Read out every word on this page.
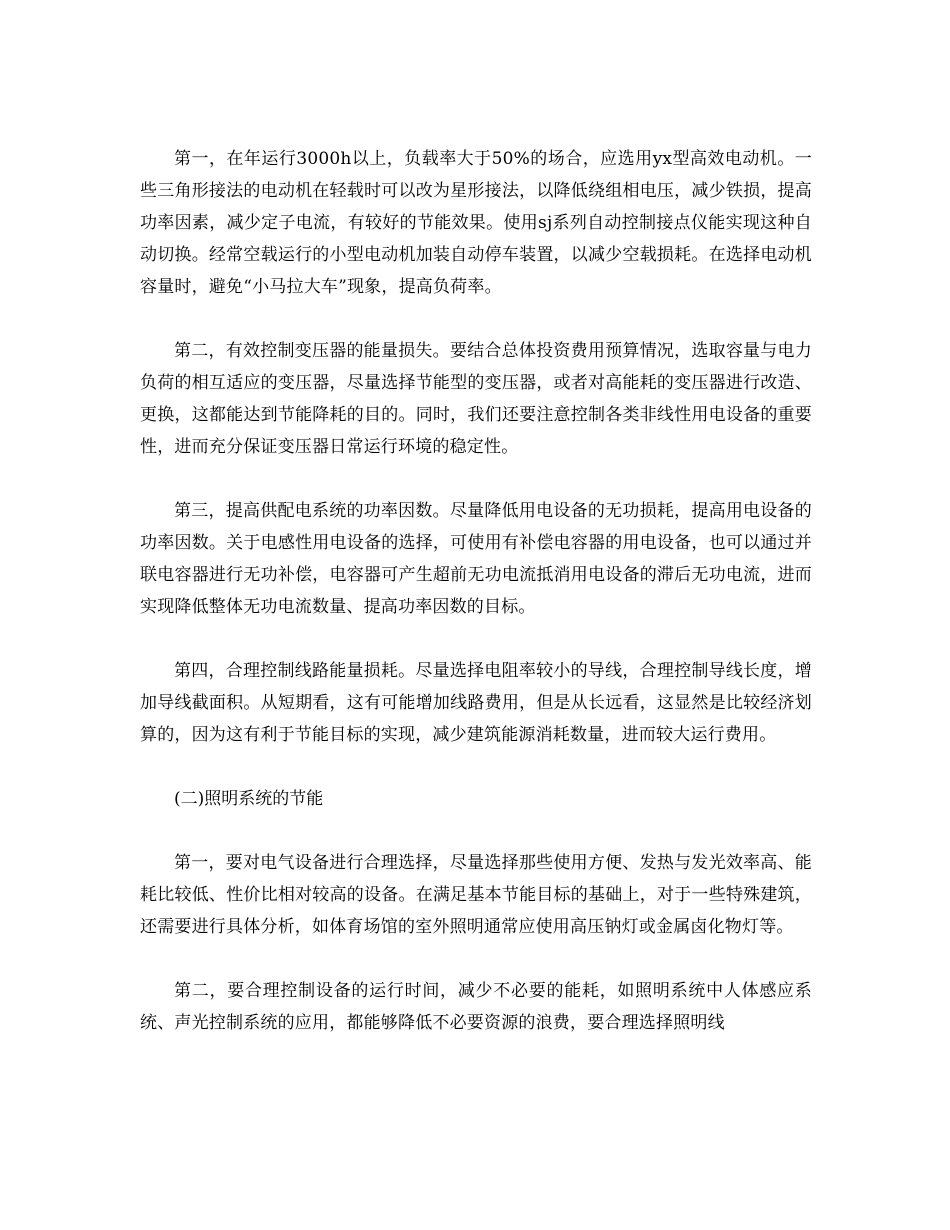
第一，在年运行3000h以上，负载率大于50%的场合，应选用yx型高效电动机。一些三角形接法的电动机在轻载时可以改为星形接法，以降低绕组相电压，减少铁损，提高功率因素，减少定子电流，有较好的节能效果。使用sj系列自动控制接点仪能实现这种自动切换。经常空载运行的小型电动机加装自动停车装置，以减少空载损耗。在选择电动机容量时，避免“小马拉大车”现象，提高负荷率。

第二，有效控制变压器的能量损失。要结合总体投资费用预算情况，选取容量与电力负荷的相互适应的变压器，尽量选择节能型的变压器，或者对高能耗的变压器进行改造、更换，这都能达到节能降耗的目的。同时，我们还要注意控制各类非线性用电设备的重要性，进而充分保证变压器日常运行环境的稳定性。

第三，提高供配电系统的功率因数。尽量降低用电设备的无功损耗，提高用电设备的功率因数。关于电感性用电设备的选择，可使用有补偿电容器的用电设备，也可以通过并联电容器进行无功补偿，电容器可产生超前无功电流抵消用电设备的滞后无功电流，进而实现降低整体无功电流数量、提高功率因数的目标。

第四，合理控制线路能量损耗。尽量选择电阻率较小的导线，合理控制导线长度，增加导线截面积。从短期看，这有可能增加线路费用，但是从长远看，这显然是比较经济划算的，因为这有利于节能目标的实现，减少建筑能源消耗数量，进而较大运行费用。

(二)照明系统的节能

第一，要对电气设备进行合理选择，尽量选择那些使用方便、发热与发光效率高、能耗比较低、性价比相对较高的设备。在满足基本节能目标的基础上，对于一些特殊建筑，还需要进行具体分析，如体育场馆的室外照明通常应使用高压钠灯或金属卤化物灯等。

第二，要合理控制设备的运行时间，减少不必要的能耗，如照明系统中人体感应系统、声光控制系统的应用，都能够降低不必要资源的浪费，要合理选择照明线
